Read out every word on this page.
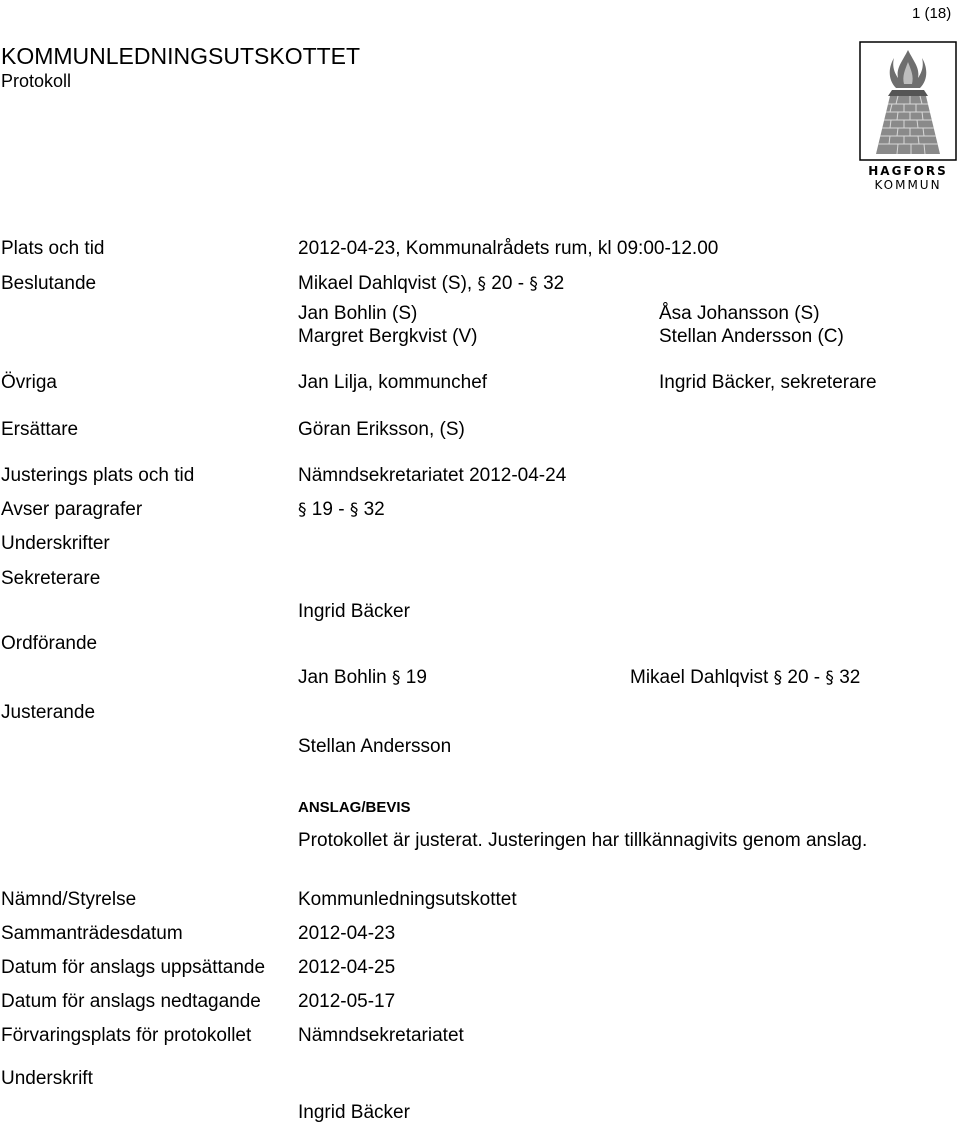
1 (18)
KOMMUNLEDNINGSUTSKOTTET
Protokoll
HAGFORS
KOMMUN
Plats och tid	2012-04-23, Kommunalrådets rum, kl 09:00-12.00
Beslutande	Mikael Dahlqvist (S), § 20 - § 32
Jan Bohlin (S)	Åsa Johansson (S)
Margret Bergkvist (V)	Stellan Andersson (C)
Övriga	Jan Lilja, kommunchef	Ingrid Bäcker, sekreterare
Ersättare	Göran Eriksson, (S)
Justerings plats och tid	Nämndsekretariatet 2012-04-24
Avser paragrafer	§ 19 - § 32
Underskrifter
Sekreterare
Ingrid Bäcker
Ordförande
Jan Bohlin § 19	Mikael Dahlqvist § 20 - § 32
Justerande
Stellan Andersson
ANSLAG/BEVIS
Protokollet är justerat. Justeringen har tillkännagivits genom anslag.
Nämnd/Styrelse	Kommunledningsutskottet
Sammanträdesdatum	2012-04-23
Datum för anslags uppsättande 2012-04-25
Datum för anslags nedtagande 2012-05-17
Förvaringsplats för protokollet Nämndsekretariatet
Underskrift
Ingrid Bäcker
